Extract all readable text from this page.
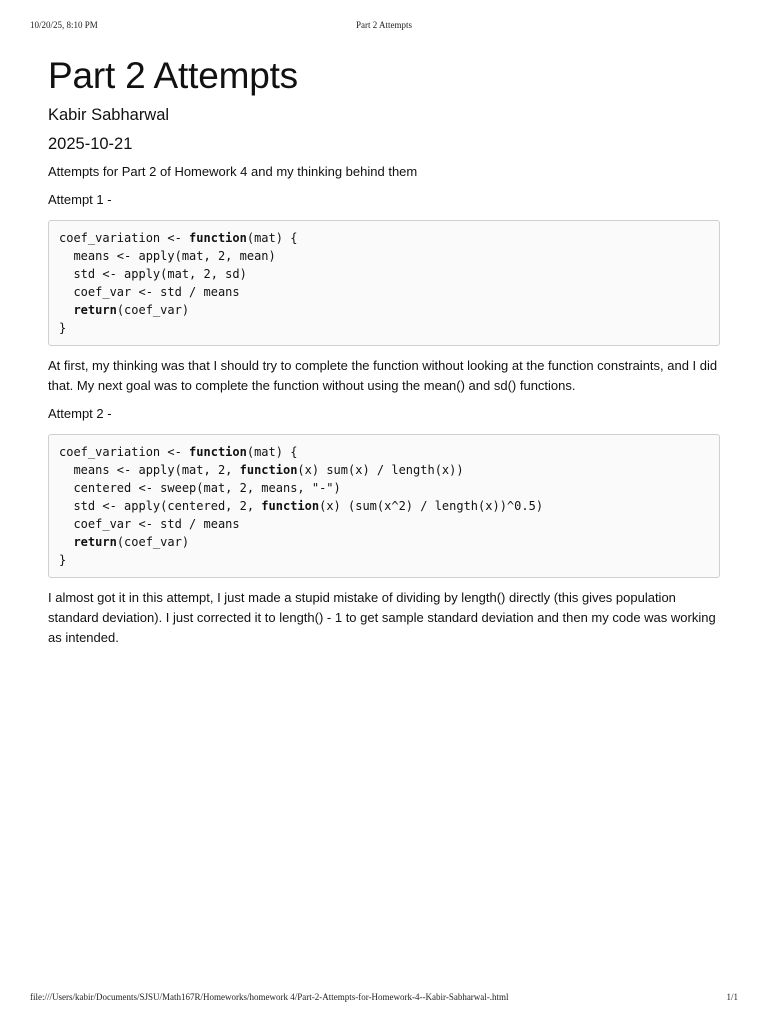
10/20/25, 8:10 PM	Part 2 Attempts
Part 2 Attempts
Kabir Sabharwal
2025-10-21

Attempts for Part 2 of Homework 4 and my thinking behind them

Attempt 1 -

coef_variation <- function(mat) {
means <- apply(mat, 2, mean)
std <- apply(mat, 2, sd)
coef_var <- std / means
return(coef_var)
}

At first, my thinking was that I should try to complete the function without looking at the function constraints, and I did that. My next goal was to complete the function without using the mean() and sd() functions.

Attempt 2 -

coef_variation <- function(mat) {
means <- apply(mat, 2, function(x) sum(x) / length(x))
centered <- sweep(mat, 2, means, "-")
std <- apply(centered, 2, function(x) (sum(x^2) / length(x))^0.5)
coef_var <- std / means
return(coef_var)
}

I almost got it in this attempt, I just made a stupid mistake of dividing by length() directly (this gives population standard deviation). I just corrected it to length() - 1 to get sample standard deviation and then my code was working as intended.

file:///Users/kabir/Documents/SJSU/Math167R/Homeworks/homework 4/Part-2-Attempts-for-Homework-4--Kabir-Sabharwal-.html	1/1
